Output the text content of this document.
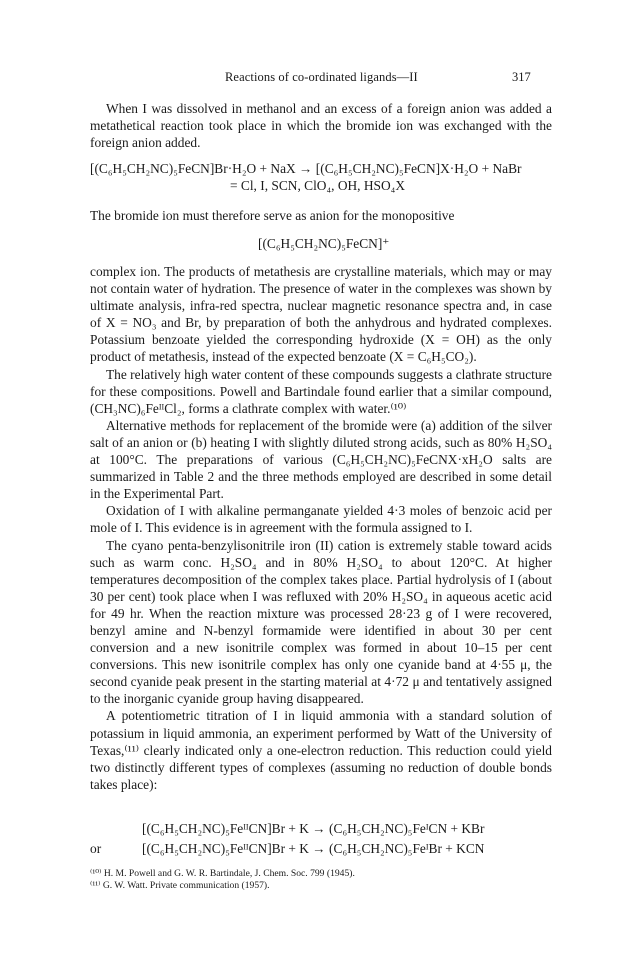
Reactions of co-ordinated ligands—II	317

When I was dissolved in methanol and an excess of a foreign anion was added a metathetical reaction took place in which the bromide ion was exchanged with the foreign anion added.

[(C₆H₅CH₂NC)₅FeCN]Br·H₂O + NaX → [(C₆H₅CH₂NC)₅FeCN]X·H₂O + NaBr
= Cl, I, SCN, ClO₄, OH, HSO₄X

The bromide ion must therefore serve as anion for the monopositive

[(C₆H₅CH₂NC)₅FeCN]⁺

complex ion. The products of metathesis are crystalline materials, which may or may not contain water of hydration. The presence of water in the complexes was shown by ultimate analysis, infra-red spectra, nuclear magnetic resonance spectra and, in case of X = NO₃ and Br, by preparation of both the anhydrous and hydrated complexes. Potassium benzoate yielded the corresponding hydroxide (X = OH) as the only product of metathesis, instead of the expected benzoate (X = C₆H₅CO₂).

The relatively high water content of these compounds suggests a clathrate structure for these compositions. Powell and Bartindale found earlier that a similar compound, (CH₃NC)₆FeᴵᴵCl₂, forms a clathrate complex with water.⁽¹⁰⁾

Alternative methods for replacement of the bromide were (a) addition of the silver salt of an anion or (b) heating I with slightly diluted strong acids, such as 80% H₂SO₄ at 100°C. The preparations of various (C₆H₅CH₂NC)₅FeCNX·xH₂O salts are summarized in Table 2 and the three methods employed are described in some detail in the Experimental Part.

Oxidation of I with alkaline permanganate yielded 4·3 moles of benzoic acid per mole of I. This evidence is in agreement with the formula assigned to I.

The cyano penta-benzylisonitrile iron (II) cation is extremely stable toward acids such as warm conc. H₂SO₄ and in 80% H₂SO₄ to about 120°C. At higher temperatures decomposition of the complex takes place. Partial hydrolysis of I (about 30 per cent) took place when I was refluxed with 20% H₂SO₄ in aqueous acetic acid for 49 hr. When the reaction mixture was processed 28·23 g of I were recovered, benzyl amine and N-benzyl formamide were identified in about 30 per cent conversion and a new isonitrile complex was formed in about 10–15 per cent conversions. This new isonitrile complex has only one cyanide band at 4·55 μ, the second cyanide peak present in the starting material at 4·72 μ and tentatively assigned to the inorganic cyanide group having disappeared.

A potentiometric titration of I in liquid ammonia with a standard solution of potassium in liquid ammonia, an experiment performed by Watt of the University of Texas,⁽¹¹⁾ clearly indicated only a one-electron reduction. This reduction could yield two distinctly different types of complexes (assuming no reduction of double bonds takes place):

[(C₆H₅CH₂NC)₅FeᴵᴵCN]Br + K → (C₆H₅CH₂NC)₅FeᴵCN + KBr
or	[(C₆H₅CH₂NC)₅FeᴵᴵCN]Br + K → (C₆H₅CH₂NC)₅FeᴵBr + KCN
⁽¹⁰⁾ H. M. Powell and G. W. R. Bartindale, J. Chem. Soc. 799 (1945).
⁽¹¹⁾ G. W. Watt. Private communication (1957).
